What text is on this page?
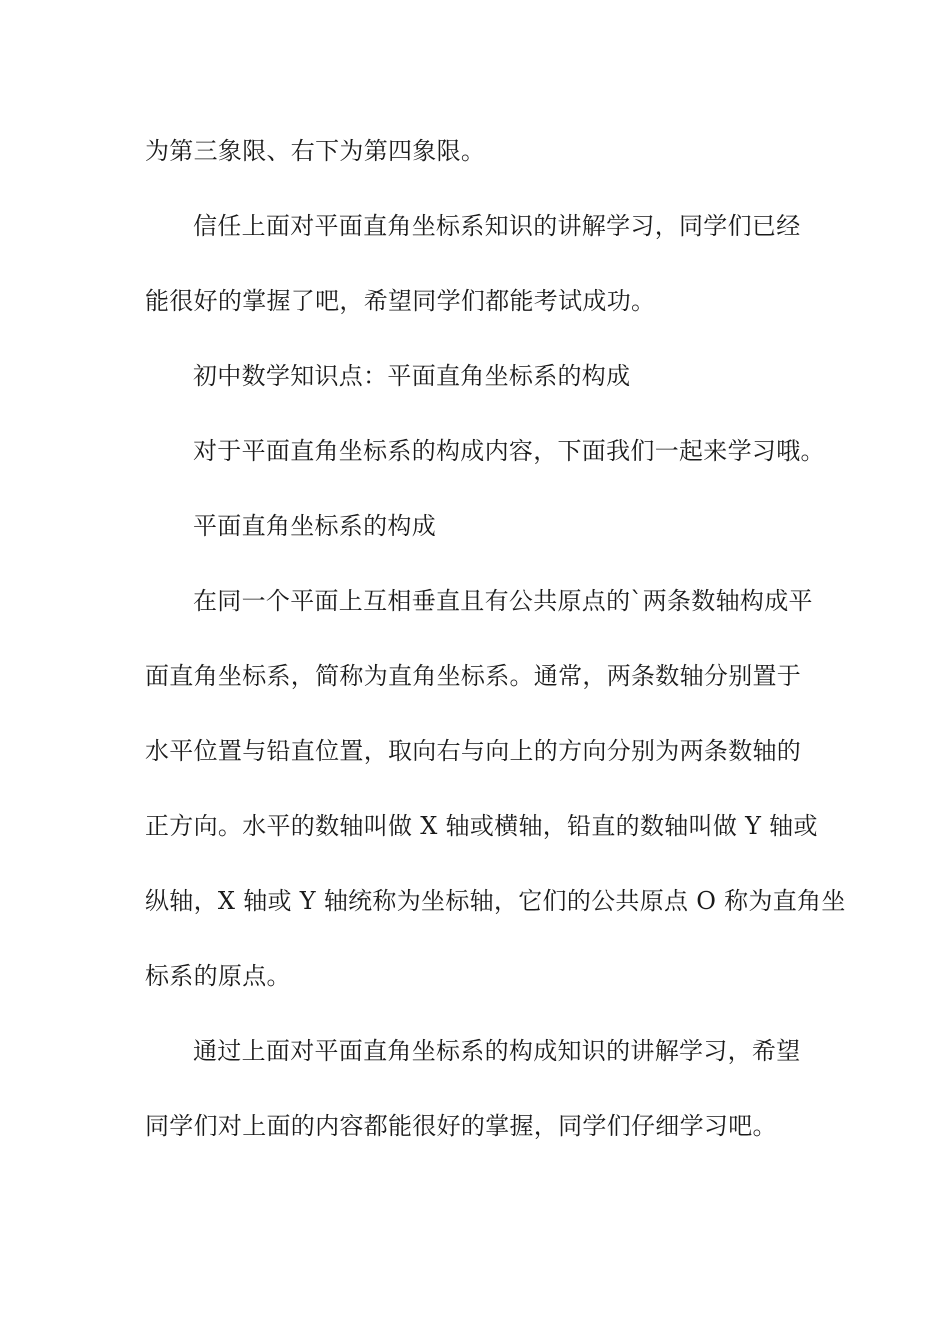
为第三象限、右下为第四象限。
信任上面对平面直角坐标系知识的讲解学习，同学们已经
能很好的掌握了吧，希望同学们都能考试成功。
初中数学知识点：平面直角坐标系的构成
对于平面直角坐标系的构成内容，下面我们一起来学习哦。
平面直角坐标系的构成
在同一个平面上互相垂直且有公共原点的`两条数轴构成平
面直角坐标系，简称为直角坐标系。通常，两条数轴分别置于
水平位置与铅直位置，取向右与向上的方向分别为两条数轴的
正方向。水平的数轴叫做 X 轴或横轴，铅直的数轴叫做 Y 轴或
纵轴，X 轴或 Y 轴统称为坐标轴，它们的公共原点 O 称为直角坐
标系的原点。
通过上面对平面直角坐标系的构成知识的讲解学习，希望
同学们对上面的内容都能很好的掌握，同学们仔细学习吧。
